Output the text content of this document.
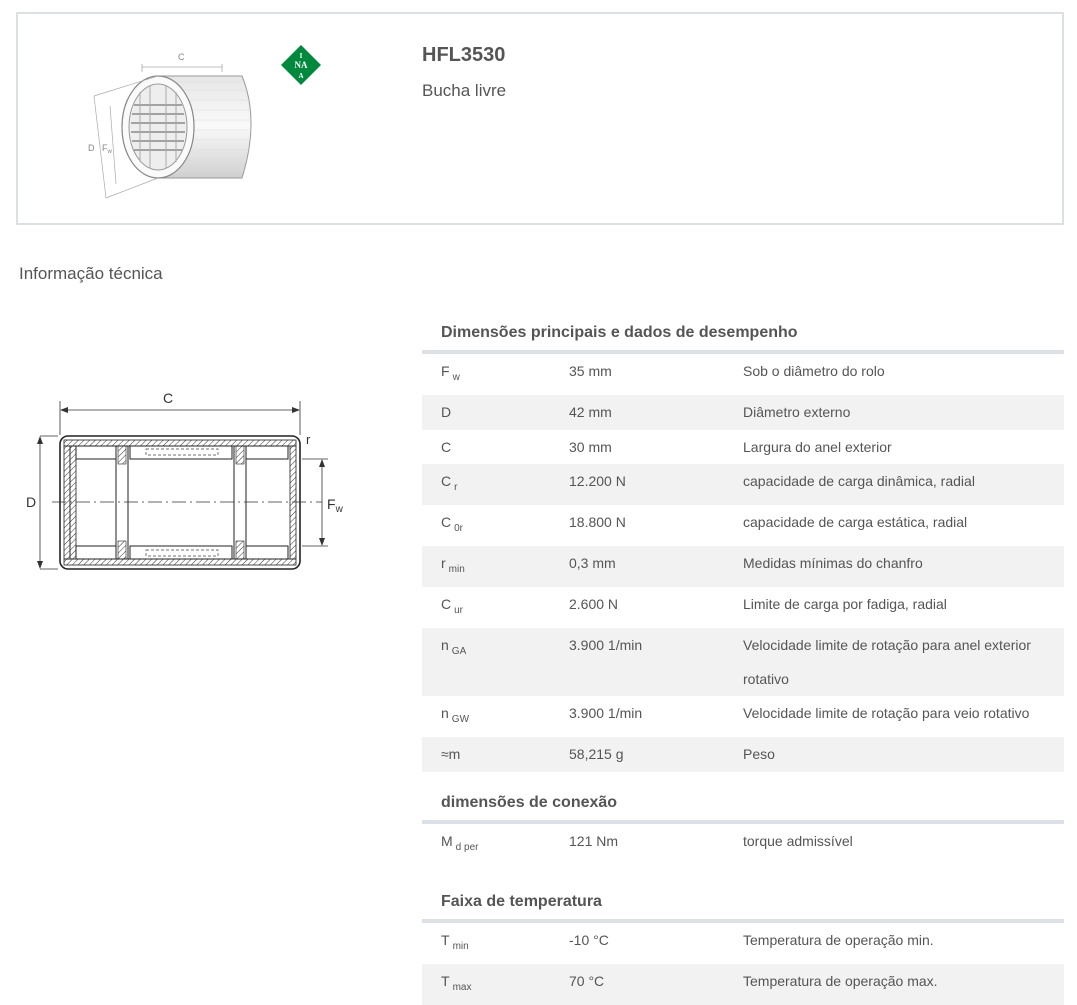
C
D $F_w$
I
NA
A
HFL3530
Bucha livre
Informação técnica
C
D	$F_w$
r
Dimensões principais e dados de desempenho
F $_w$	35 mm	Sob o diâmetro do rolo
D	42 mm	Diâmetro externo
C	30 mm	Largura do anel exterior
C $_r$	12.200 N	capacidade de carga dinâmica, radial
C $_{0r}$	18.800 N	capacidade de carga estática, radial
r $_{min}$	0,3 mm	Medidas mínimas do chanfro
C $_{ur}$	2.600 N	Limite de carga por fadiga, radial
n $_{GA}$	3.900 1/min	Velocidade limite de rotação para anel exterior rotativo
n $_{GW}$	3.900 1/min	Velocidade limite de rotação para veio rotativo
≈m	58,215 g	Peso
dimensões de conexão
M $_{d per}$	121 Nm	torque admissível
Faixa de temperatura
T $_{min}$	-10 °C	Temperatura de operação min.
T $_{max}$	70 °C	Temperatura de operação max.
